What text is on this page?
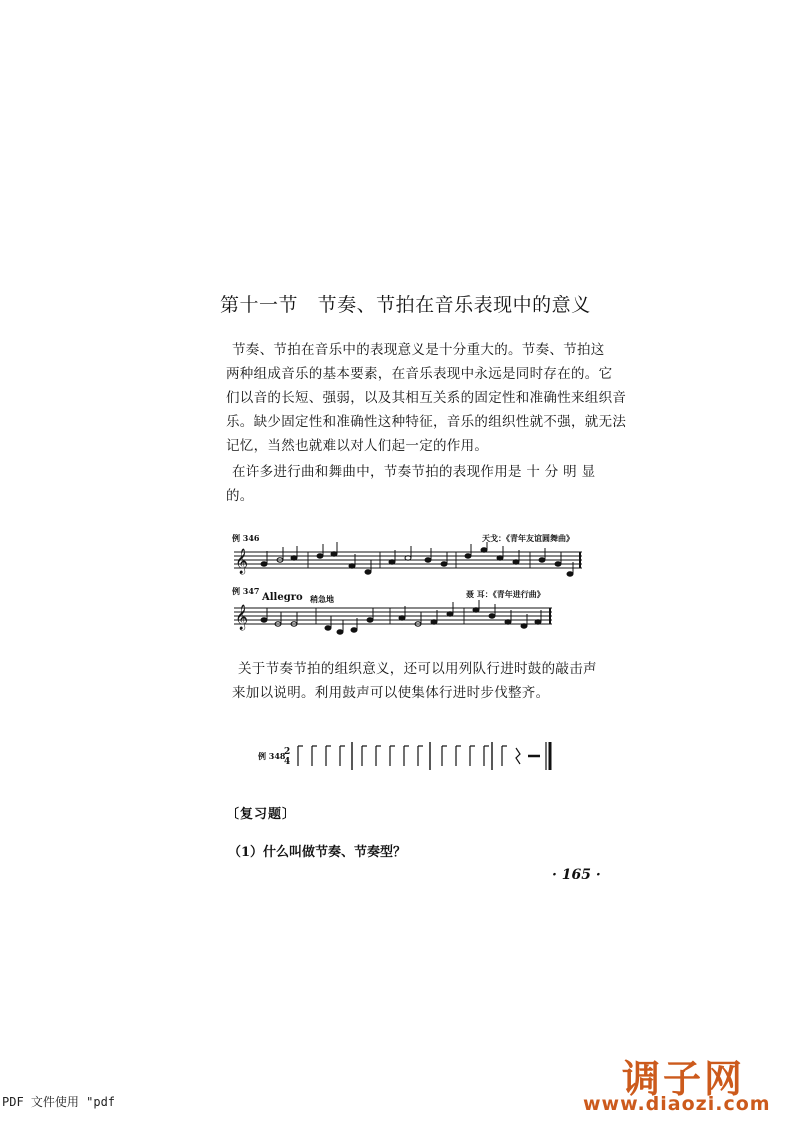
第十一节   节奏、节拍在音乐表现中的意义
节奏、节拍在音乐中的表现意义是十分重大的。节奏、节拍这
两种组成音乐的基本要素，在音乐表现中永远是同时存在的。它
们以音的长短、强弱，以及其相互关系的固定性和准确性来组织音
乐。缺少固定性和准确性这种特征，音乐的组织性就不强，就无法
记忆，当然也就难以对人们起一定的作用。
在许多进行曲和舞曲中，节奏节拍的表现作用是 十 分 明 显
的。
例 346	天戈：《青年友谊圆舞曲》
𝄞
例 347
Allegro 稍急地	聂 耳：《青年进行曲》
𝄞
关于节奏节拍的组织意义，还可以用列队行进时鼓的敲击声
来加以说明。利用鼓声可以使集体行进时步伐整齐。
例 348
2
4
〔复习题〕
（1）什么叫做节奏、节奏型？
· 165 ·
PDF 文件使用 "pdf
调子网
www.diaozi.com
